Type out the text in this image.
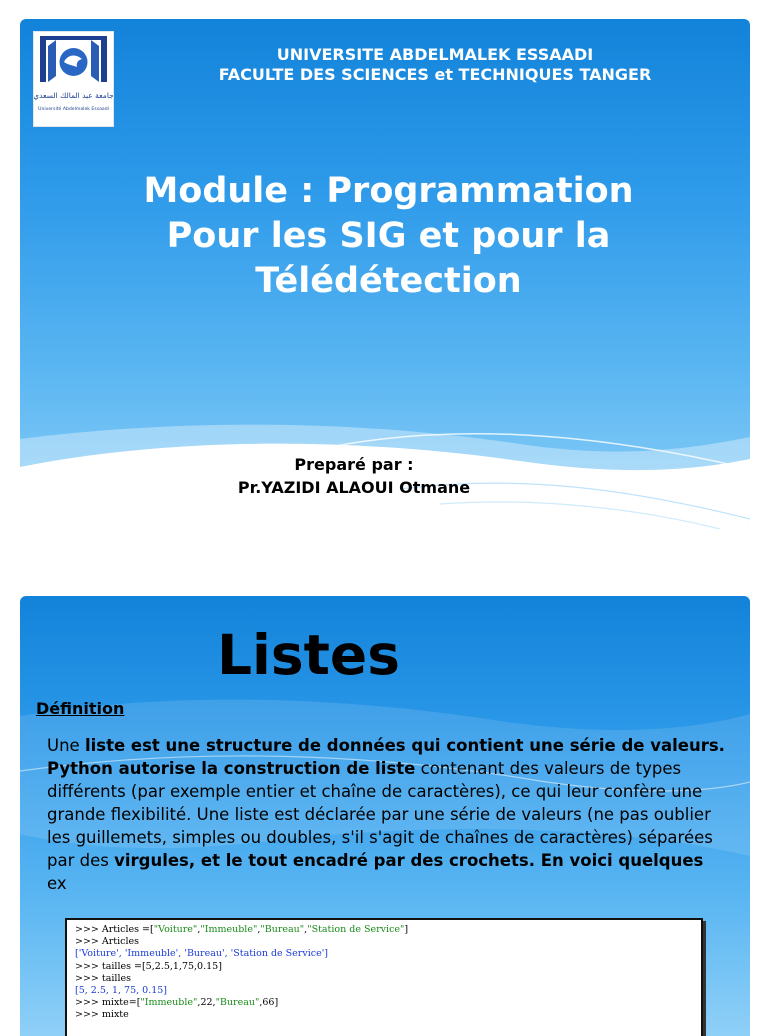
جامعة عبد المالك السعدي
Université Abdelmalek Essaadi
UNIVERSITE ABDELMALEK ESSAADI
FACULTE DES SCIENCES et TECHNIQUES TANGER
Module : Programmation
Pour les SIG et pour la
Télédétection
Preparé par :
Pr.YAZIDI ALAOUI Otmane
Listes
Définition
Une liste est une structure de données qui contient une série de valeurs. Python autorise la construction de liste contenant des valeurs de types différents (par exemple entier et chaîne de caractères), ce qui leur confère une grande flexibilité. Une liste est déclarée par une série de valeurs (ne pas oublier les guillemets, simples ou doubles, s'il s'agit de chaînes de caractères) séparées par des virgules, et le tout encadré par des crochets. En voici quelques
ex
>>> Articles =["Voiture","Immeuble","Bureau","Station de Service"]
>>> Articles
['Voiture', 'Immeuble', 'Bureau', 'Station de Service']
>>> tailles =[5,2.5,1,75,0.15]
>>> tailles
[5, 2.5, 1, 75, 0.15]
>>> mixte=["Immeuble",22,"Bureau",66]
>>> mixte
